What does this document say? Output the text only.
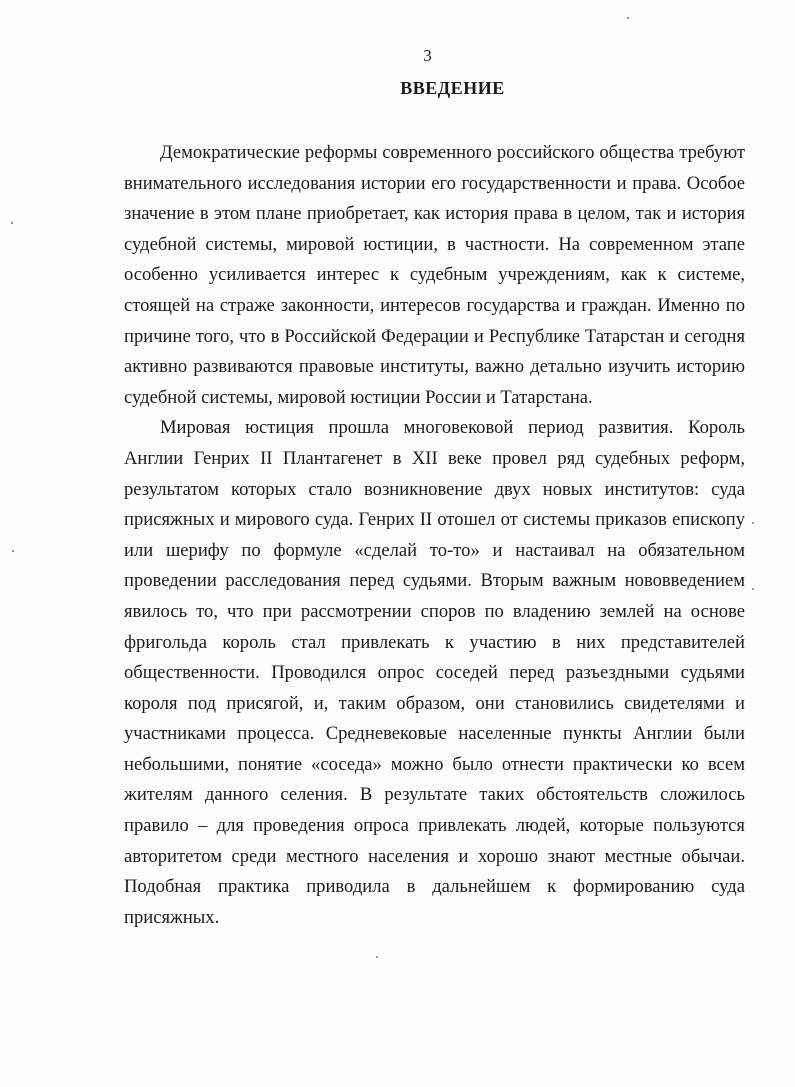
3
ВВЕДЕНИЕ

Демократические реформы современного российского общества требуют внимательного исследования истории его государственности и права. Особое значение в этом плане приобретает, как история права в целом, так и история судебной системы, мировой юстиции, в частности. На современном этапе особенно усиливается интерес к судебным учреждениям, как к системе, стоящей на страже законности, интересов государства и граждан. Именно по причине того, что в Российской Федерации и Республике Татарстан и сегодня активно развиваются правовые институты, важно детально изучить историю судебной системы, мировой юстиции России и Татарстана.

Мировая юстиция прошла многовековой период развития. Король Англии Генрих II Плантагенет в XII веке провел ряд судебных реформ, результатом которых стало возникновение двух новых институтов: суда присяжных и мирового суда. Генрих II отошел от системы приказов епископу или шерифу по формуле «сделай то-то» и настаивал на обязательном проведении расследования перед судьями. Вторым важным нововведением явилось то, что при рассмотрении споров по владению землей на основе фригольда король стал привлекать к участию в них представителей общественности. Проводился опрос соседей перед разъездными судьями короля под присягой, и, таким образом, они становились свидетелями и участниками процесса. Средневековые населенные пункты Англии были небольшими, понятие «соседа» можно было отнести практически ко всем жителям данного селения. В результате таких обстоятельств сложилось правило – для проведения опроса привлекать людей, которые пользуются авторитетом среди местного населения и хорошо знают местные обычаи. Подобная практика приводила в дальнейшем к формированию суда присяжных.
